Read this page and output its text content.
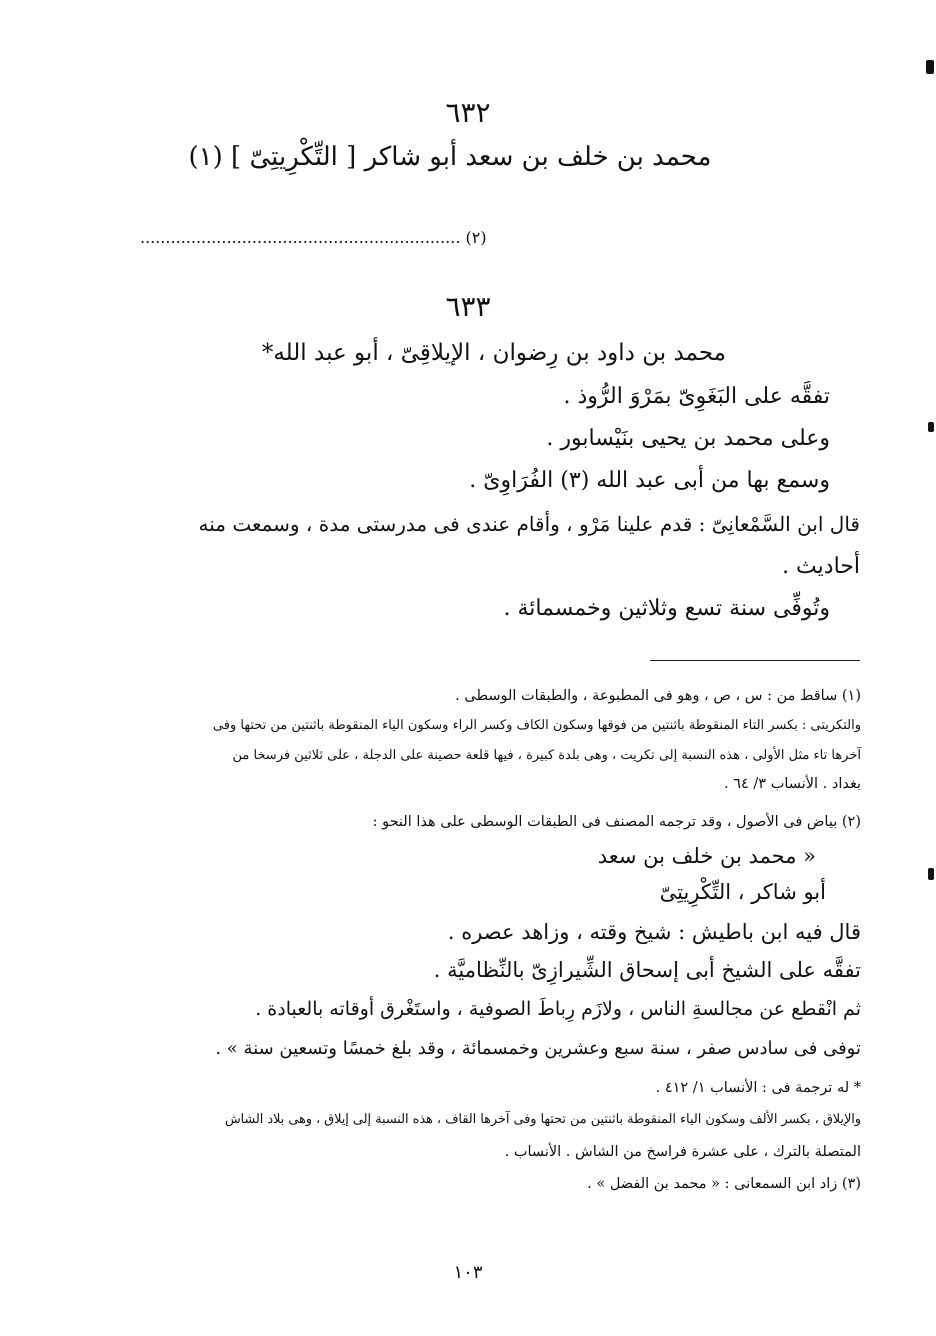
٦٣٢
محمد بن خلف بن سعد أبو شاكر [ التِّكْرِيتِىّ ] (١)
............................................................... (٢)
٦٣٣
محمد بن داود بن رِضوان ، الإيلاقِىّ ، أبو عبد الله*
تفقَّه على البَغَوِىّ بمَرْوَ الرُّوذ .
وعلى محمد بن يحيى بنَيْسابور .
وسمع بها من أبى عبد الله (٣) الفُرَاوِىّ .
قال ابن السَّمْعانِىّ : قدم علينا مَرْو ، وأقام عندى فى مدرستى مدة ، وسمعت منه
أحاديث .
وتُوفِّى سنة تسع وثلاثين وخمسمائة .
(١) ساقط من : س ، ص ، وهو فى المطبوعة ، والطبقات الوسطى .
والتكريتى : بكسر التاء المنقوطة باثنتين من فوقها وسكون الكاف وكسر الراء وسكون الياء المنقوطة باثنتين من تحتها وفى
آخرها تاء مثل الأولى ، هذه النسبة إلى تكريت ، وهى بلدة كبيرة ، فيها قلعة حصينة على الدجلة ، على ثلاثين فرسخا من
بغداد . الأنساب ٣/ ٦٤ .
(٢) بياض فى الأصول ، وقد ترجمه المصنف فى الطبقات الوسطى على هذا النحو :
« محمد بن خلف بن سعد
أبو شاكر ، التِّكْرِيتِىّ
قال فيه ابن باطيش : شيخ وقته ، وزاهد عصره .
تفقَّه على الشيخ أبى إسحاق الشِّيرازِىّ بالنِّظاميَّة .
ثم انْقطع عن مجالسةِ الناس ، ولازَم رِباطَ الصوفية ، واستَغْرق أوقاته بالعبادة .
توفى فى سادس صفر ، سنة سبع وعشرين وخمسمائة ، وقد بلغ خمسًا وتسعين سنة » .
* له ترجمة فى : الأنساب ١/ ٤١٢ .
والإيلاق ، بكسر الألف وسكون الياء المنقوطة باثنتين من تحتها وفى آخرها القاف ، هذه النسبة إلى إيلاق ، وهى بلاد الشاش
المتصلة بالترك ، على عشرة فراسخ من الشاش . الأنساب .
(٣) زاد ابن السمعانى : « محمد بن الفضل » .
١٠٣
